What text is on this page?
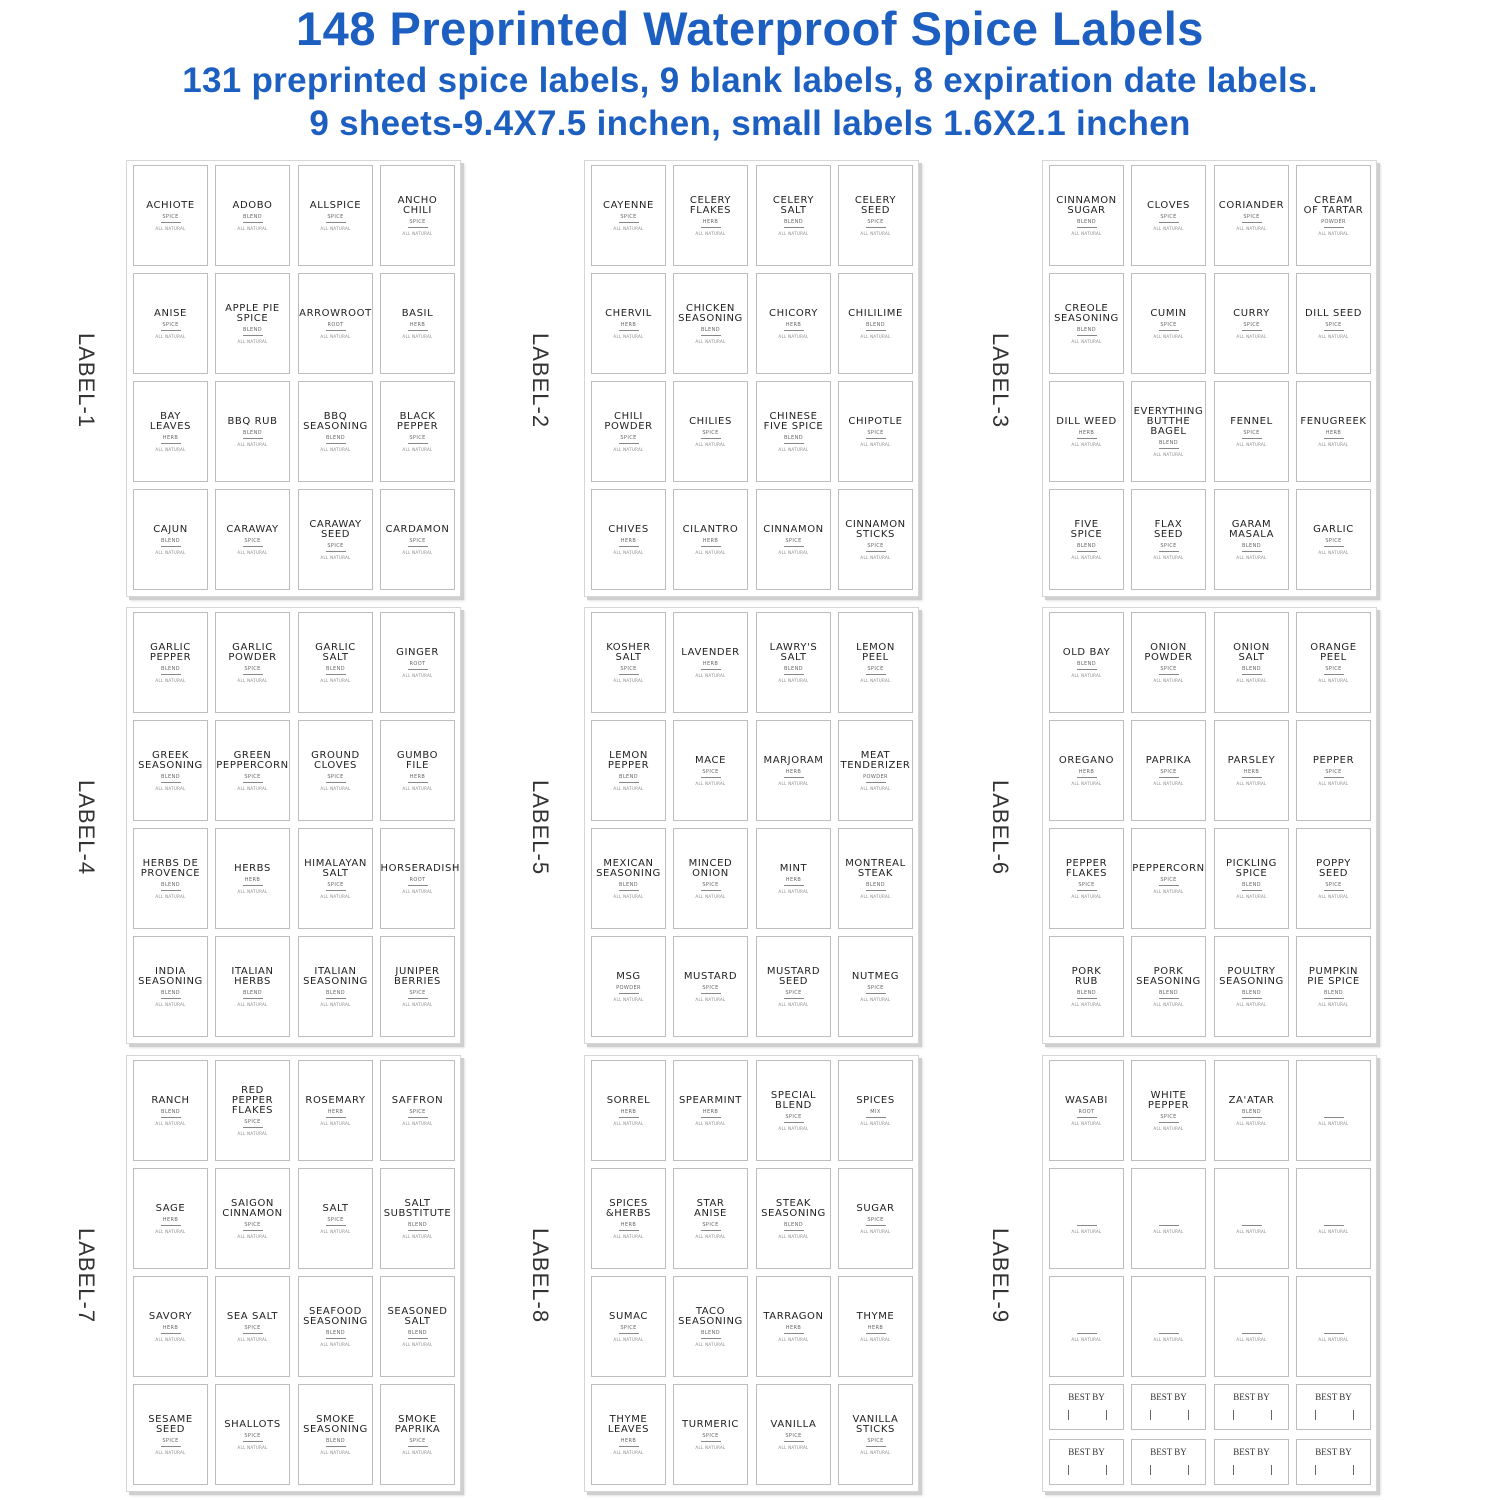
148 Preprinted Waterproof Spice Labels
131 preprinted spice labels, 9 blank labels, 8 expiration date labels.
9 sheets-9.4X7.5 inchen, small labels 1.6X2.1 inchen
LABEL-1
ACHIOTE
SPICE
ALL NATURAL
ADOBO
BLEND
ALL NATURAL
ALLSPICE
SPICE
ALL NATURAL
ANCHO
CHILI
SPICE
ALL NATURAL
ANISE
SPICE
ALL NATURAL
APPLE PIE
SPICE
BLEND
ALL NATURAL
ARROWROOT
ROOT
ALL NATURAL
BASIL
HERB
ALL NATURAL
BAY
LEAVES
HERB
ALL NATURAL
BBQ RUB
BLEND
ALL NATURAL
BBQ
SEASONING
BLEND
ALL NATURAL
BLACK
PEPPER
SPICE
ALL NATURAL
CAJUN
BLEND
ALL NATURAL
CARAWAY
SPICE
ALL NATURAL
CARAWAY
SEED
SPICE
ALL NATURAL
CARDAMON
SPICE
ALL NATURAL
LABEL-2
CAYENNE
SPICE
ALL NATURAL
CELERY
FLAKES
HERB
ALL NATURAL
CELERY
SALT
BLEND
ALL NATURAL
CELERY
SEED
SPICE
ALL NATURAL
CHERVIL
HERB
ALL NATURAL
CHICKEN
SEASONING
BLEND
ALL NATURAL
CHICORY
HERB
ALL NATURAL
CHILILIME
BLEND
ALL NATURAL
CHILI
POWDER
SPICE
ALL NATURAL
CHILIES
SPICE
ALL NATURAL
CHINESE
FIVE SPICE
BLEND
ALL NATURAL
CHIPOTLE
SPICE
ALL NATURAL
CHIVES
HERB
ALL NATURAL
CILANTRO
HERB
ALL NATURAL
CINNAMON
SPICE
ALL NATURAL
CINNAMON
STICKS
SPICE
ALL NATURAL
LABEL-3
CINNAMON
SUGAR
BLEND
ALL NATURAL
CLOVES
SPICE
ALL NATURAL
CORIANDER
SPICE
ALL NATURAL
CREAM
OF TARTAR
POWDER
ALL NATURAL
CREOLE
SEASONING
BLEND
ALL NATURAL
CUMIN
SPICE
ALL NATURAL
CURRY
SPICE
ALL NATURAL
DILL SEED
SPICE
ALL NATURAL
DILL WEED
HERB
ALL NATURAL
EVERYTHING
BUTTHE
BAGEL
BLEND
ALL NATURAL
FENNEL
SPICE
ALL NATURAL
FENUGREEK
HERB
ALL NATURAL
FIVE
SPICE
BLEND
ALL NATURAL
FLAX
SEED
SPICE
ALL NATURAL
GARAM
MASALA
BLEND
ALL NATURAL
GARLIC
SPICE
ALL NATURAL
LABEL-4
GARLIC
PEPPER
BLEND
ALL NATURAL
GARLIC
POWDER
SPICE
ALL NATURAL
GARLIC
SALT
BLEND
ALL NATURAL
GINGER
ROOT
ALL NATURAL
GREEK
SEASONING
BLEND
ALL NATURAL
GREEN
PEPPERCORN
SPICE
ALL NATURAL
GROUND
CLOVES
SPICE
ALL NATURAL
GUMBO
FILE
HERB
ALL NATURAL
HERBS DE
PROVENCE
BLEND
ALL NATURAL
HERBS
HERB
ALL NATURAL
HIMALAYAN
SALT
SPICE
ALL NATURAL
HORSERADISH
ROOT
ALL NATURAL
INDIA
SEASONING
BLEND
ALL NATURAL
ITALIAN
HERBS
BLEND
ALL NATURAL
ITALIAN
SEASONING
BLEND
ALL NATURAL
JUNIPER
BERRIES
SPICE
ALL NATURAL
LABEL-5
KOSHER
SALT
SPICE
ALL NATURAL
LAVENDER
HERB
ALL NATURAL
LAWRY'S
SALT
BLEND
ALL NATURAL
LEMON
PEEL
SPICE
ALL NATURAL
LEMON
PEPPER
BLEND
ALL NATURAL
MACE
SPICE
ALL NATURAL
MARJORAM
HERB
ALL NATURAL
MEAT
TENDERIZER
POWDER
ALL NATURAL
MEXICAN
SEASONING
BLEND
ALL NATURAL
MINCED
ONION
SPICE
ALL NATURAL
MINT
HERB
ALL NATURAL
MONTREAL
STEAK
BLEND
ALL NATURAL
MSG
POWDER
ALL NATURAL
MUSTARD
SPICE
ALL NATURAL
MUSTARD
SEED
SPICE
ALL NATURAL
NUTMEG
SPICE
ALL NATURAL
LABEL-6
OLD BAY
BLEND
ALL NATURAL
ONION
POWDER
SPICE
ALL NATURAL
ONION
SALT
BLEND
ALL NATURAL
ORANGE
PEEL
SPICE
ALL NATURAL
OREGANO
HERB
ALL NATURAL
PAPRIKA
SPICE
ALL NATURAL
PARSLEY
HERB
ALL NATURAL
PEPPER
SPICE
ALL NATURAL
PEPPER
FLAKES
SPICE
ALL NATURAL
PEPPERCORN
SPICE
ALL NATURAL
PICKLING
SPICE
BLEND
ALL NATURAL
POPPY
SEED
SPICE
ALL NATURAL
PORK
RUB
BLEND
ALL NATURAL
PORK
SEASONING
BLEND
ALL NATURAL
POULTRY
SEASONING
BLEND
ALL NATURAL
PUMPKIN
PIE SPICE
BLEND
ALL NATURAL
LABEL-7
RANCH
BLEND
ALL NATURAL
RED
PEPPER
FLAKES
SPICE
ALL NATURAL
ROSEMARY
HERB
ALL NATURAL
SAFFRON
SPICE
ALL NATURAL
SAGE
HERB
ALL NATURAL
SAIGON
CINNAMON
SPICE
ALL NATURAL
SALT
SPICE
ALL NATURAL
SALT
SUBSTITUTE
BLEND
ALL NATURAL
SAVORY
HERB
ALL NATURAL
SEA SALT
SPICE
ALL NATURAL
SEAFOOD
SEASONING
BLEND
ALL NATURAL
SEASONED
SALT
BLEND
ALL NATURAL
SESAME
SEED
SPICE
ALL NATURAL
SHALLOTS
SPICE
ALL NATURAL
SMOKE
SEASONING
BLEND
ALL NATURAL
SMOKE
PAPRIKA
SPICE
ALL NATURAL
LABEL-8
SORREL
HERB
ALL NATURAL
SPEARMINT
HERB
ALL NATURAL
SPECIAL
BLEND
SPICE
ALL NATURAL
SPICES
MIX
ALL NATURAL
SPICES
&HERBS
HERB
ALL NATURAL
STAR
ANISE
SPICE
ALL NATURAL
STEAK
SEASONING
BLEND
ALL NATURAL
SUGAR
SPICE
ALL NATURAL
SUMAC
SPICE
ALL NATURAL
TACO
SEASONING
BLEND
ALL NATURAL
TARRAGON
HERB
ALL NATURAL
THYME
HERB
ALL NATURAL
THYME
LEAVES
HERB
ALL NATURAL
TURMERIC
SPICE
ALL NATURAL
VANILLA
SPICE
ALL NATURAL
VANILLA
STICKS
SPICE
ALL NATURAL
LABEL-9
WASABI
ROOT
ALL NATURAL
WHITE
PEPPER
SPICE
ALL NATURAL
ZA'ATAR
BLEND
ALL NATURAL	ALL NATURAL
ALL NATURAL	ALL NATURAL	ALL NATURAL	ALL NATURAL
ALL NATURAL	ALL NATURAL	ALL NATURAL	ALL NATURAL
BEST BY	BEST BY	BEST BY	BEST BY
BEST BY	BEST BY	BEST BY	BEST BY
